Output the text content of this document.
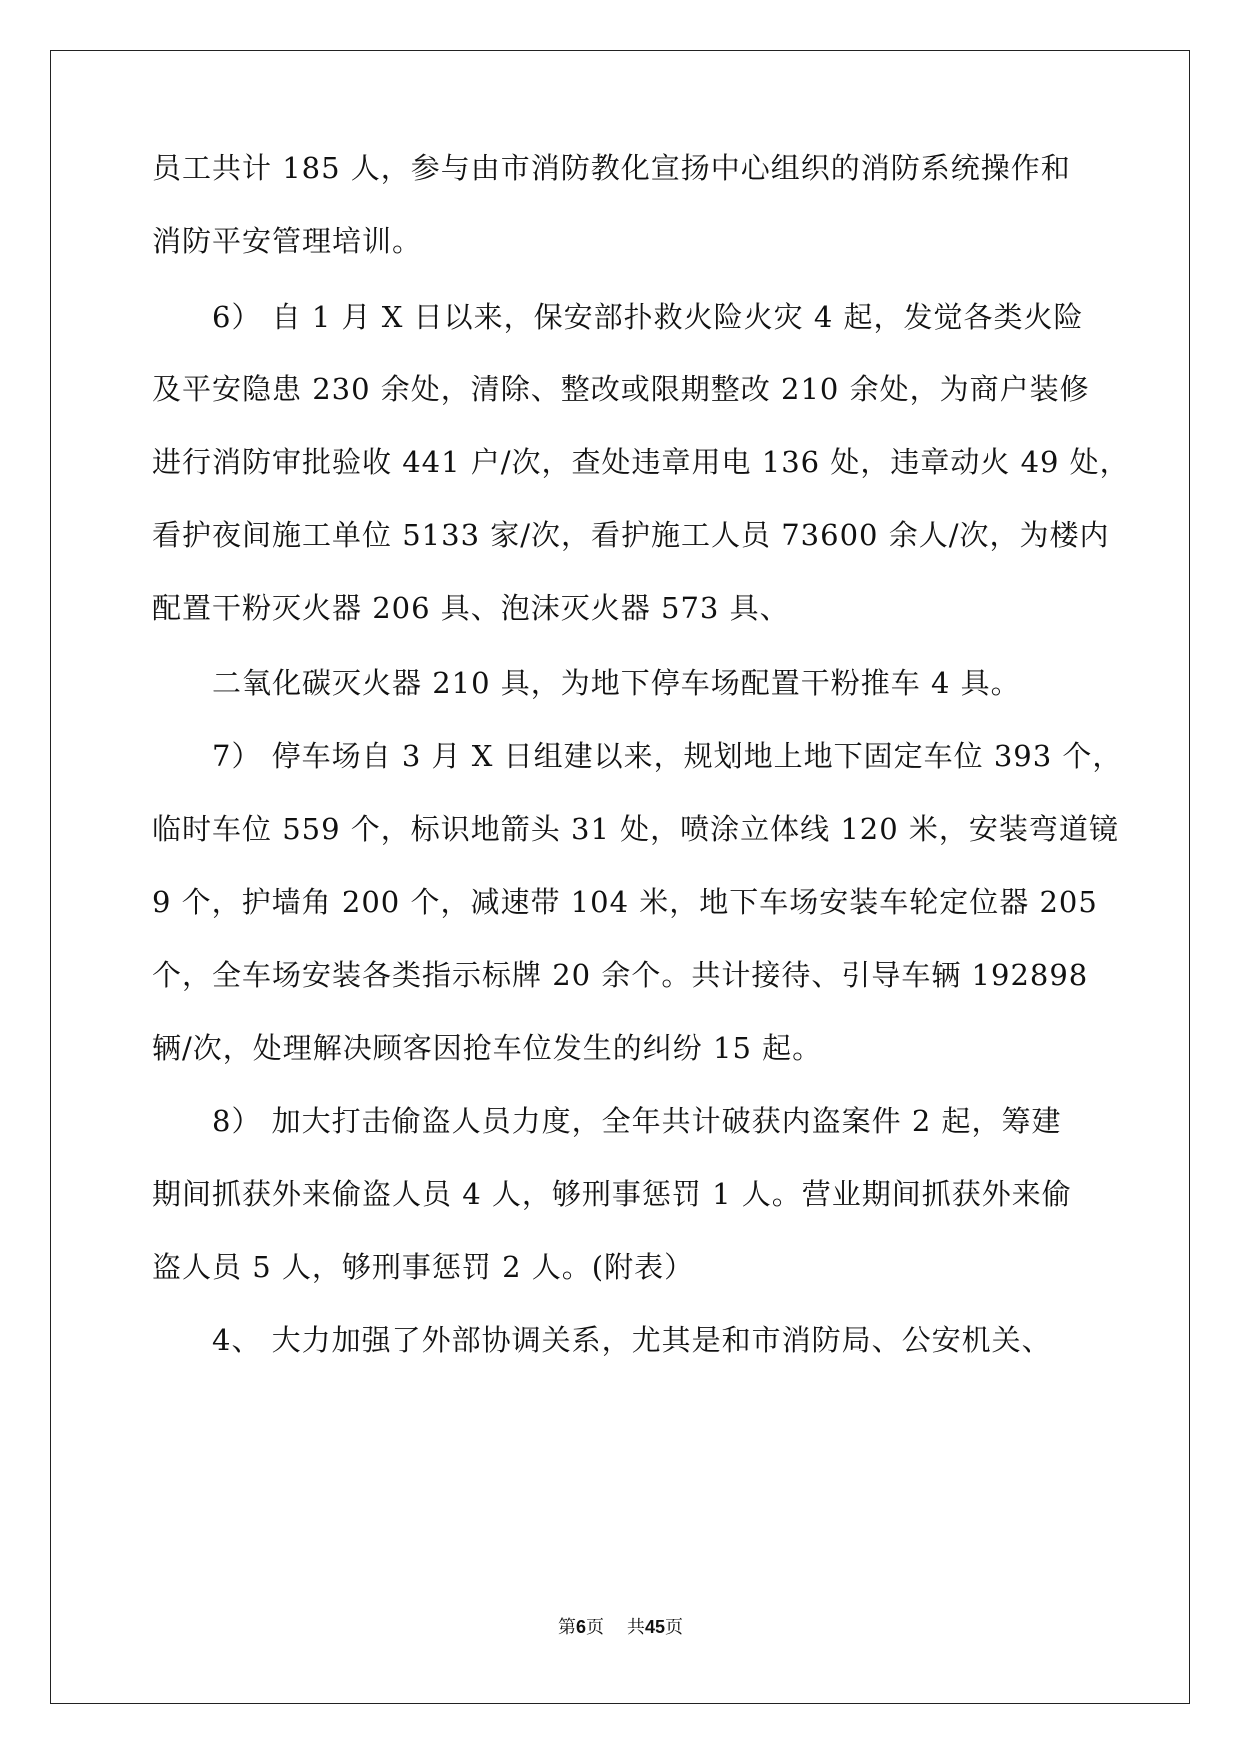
员工共计 185 人，参与由市消防教化宣扬中心组织的消防系统操作和
消防平安管理培训。
6） 自 1 月 X 日以来，保安部扑救火险火灾 4 起，发觉各类火险
及平安隐患 230 余处，清除、整改或限期整改 210 余处，为商户装修
进行消防审批验收 441 户/次，查处违章用电 136 处，违章动火 49 处，
看护夜间施工单位 5133 家/次，看护施工人员 73600 余人/次，为楼内
配置干粉灭火器 206 具、泡沫灭火器 573 具、
二氧化碳灭火器 210 具，为地下停车场配置干粉推车 4 具。
7） 停车场自 3 月 X 日组建以来，规划地上地下固定车位 393 个，
临时车位 559 个，标识地箭头 31 处，喷涂立体线 120 米，安装弯道镜
9 个，护墙角 200 个，减速带 104 米，地下车场安装车轮定位器 205
个，全车场安装各类指示标牌 20 余个。共计接待、引导车辆 192898
辆/次，处理解决顾客因抢车位发生的纠纷 15 起。
8） 加大打击偷盗人员力度，全年共计破获内盗案件 2 起，筹建
期间抓获外来偷盗人员 4 人，够刑事惩罚 1 人。营业期间抓获外来偷
盗人员 5 人，够刑事惩罚 2 人。(附表）
4、 大力加强了外部协调关系，尤其是和市消防局、公安机关、
第6页    共45页
